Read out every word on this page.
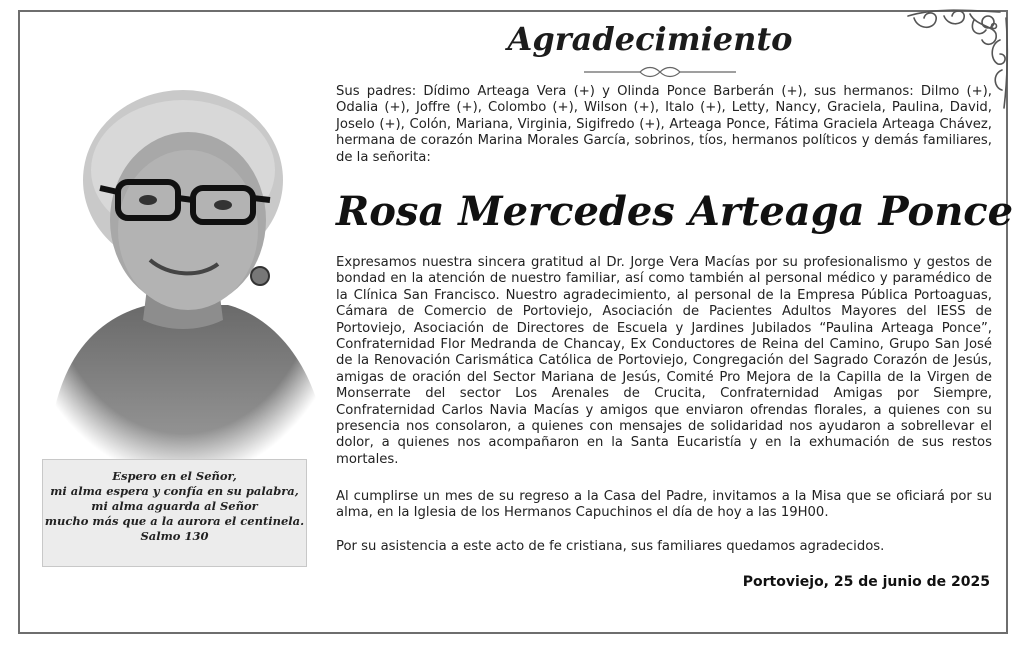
Espero en el Señor,
mi alma espera y confía en su palabra,
mi alma aguarda al Señor
mucho más que a la aurora el centinela.
Salmo 130
Agradecimiento
Sus padres: Dídimo Arteaga Vera (+) y Olinda Ponce Barberán (+), sus hermanos: Dilmo (+), Odalia (+), Joffre (+), Colombo (+), Wilson (+), Italo (+), Letty, Nancy, Graciela, Paulina, David, Joselo (+), Colón, Mariana, Virginia, Sigifredo (+), Arteaga Ponce, Fátima Graciela Arteaga Chávez, hermana de corazón Marina Morales García, sobrinos, tíos, hermanos políticos y demás familiares, de la señorita:
Rosa Mercedes Arteaga Ponce
Expresamos nuestra sincera gratitud al Dr. Jorge Vera Macías por su profesionalismo y gestos de bondad en la atención de nuestro familiar, así como también al personal médico y paramédico de la Clínica San Francisco. Nuestro agradecimiento, al personal de la Empresa Pública Portoaguas, Cámara de Comercio de Portoviejo, Asociación de Pacientes Adultos Mayores del IESS de Portoviejo, Asociación de Directores de Escuela y Jardines Jubilados “Paulina Arteaga Ponce”, Confraternidad Flor Medranda de Chancay, Ex Conductores de Reina del Camino, Grupo San José de la Renovación Carismática Católica de Portoviejo, Congregación del Sagrado Corazón de Jesús, amigas de oración del Sector Mariana de Jesús, Comité Pro Mejora de la Capilla de la Virgen de Monserrate del sector Los Arenales de Crucita, Confraternidad Amigas por Siempre, Confraternidad Carlos Navia Macías y amigos que enviaron ofrendas florales, a quienes con su presencia nos consolaron, a quienes con mensajes de solidaridad nos ayudaron a sobrellevar el dolor, a quienes nos acompañaron en la Santa Eucaristía y en la exhumación de sus restos mortales.
Al cumplirse un mes de su regreso a la Casa del Padre, invitamos a la Misa que se oficiará por su alma, en la Iglesia de los Hermanos Capuchinos el día de hoy a las 19H00.
Por su asistencia a este acto de fe cristiana, sus familiares quedamos agradecidos.
Portoviejo, 25 de junio de 2025
